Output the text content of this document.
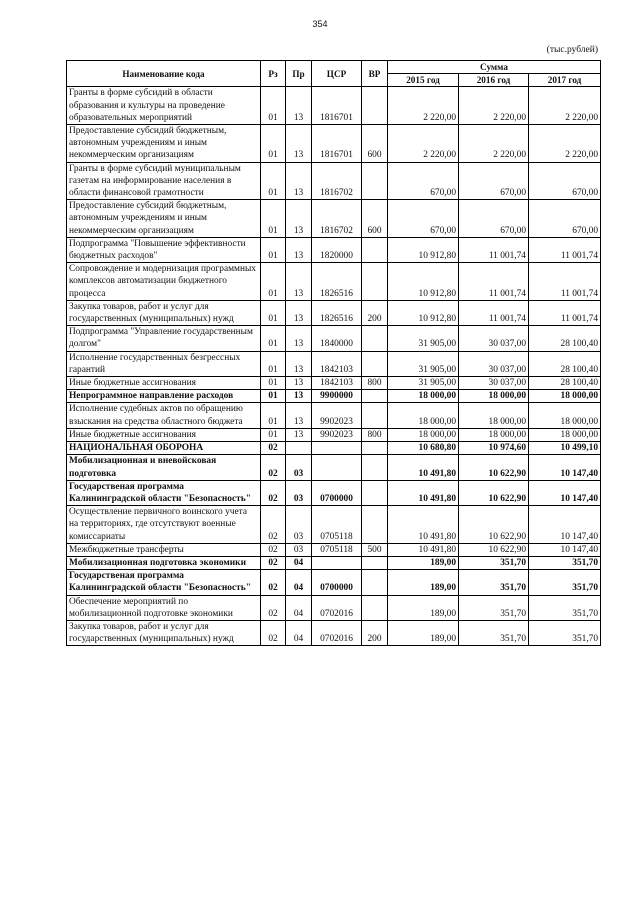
354
(тыс.рублей)
Наименование кода	Рз	Пр	ЦСР	ВР	Сумма		
					2015 год	2016 год	2017 год
Гранты в форме субсидий в области образования и культуры на проведение образовательных мероприятий	01	13	1816701		2 220,00	2 220,00	2 220,00
Предоставление субсидий бюджетным, автономным учреждениям и иным некоммерческим организациям	01	13	1816701	600	2 220,00	2 220,00	2 220,00
Гранты в форме субсидий муниципальным газетам на информирование населения в области финансовой грамотности	01	13	1816702		670,00	670,00	670,00
Предоставление субсидий бюджетным, автономным учреждениям и иным некоммерческим организациям	01	13	1816702	600	670,00	670,00	670,00
Подпрограмма "Повышение эффективности бюджетных расходов"	01	13	1820000		10 912,80	11 001,74	11 001,74
Сопровождение и модернизация программных комплексов автоматизации бюджетного процесса	01	13	1826516		10 912,80	11 001,74	11 001,74
Закупка товаров, работ и услуг для государственных (муниципальных) нужд	01	13	1826516	200	10 912,80	11 001,74	11 001,74
Подпрограмма "Управление государственным долгом"	01	13	1840000		31 905,00	30 037,00	28 100,40
Исполнение государственных безгрессных гарантий	01	13	1842103		31 905,00	30 037,00	28 100,40
Иные бюджетные ассигнования	01	13	1842103	800	31 905,00	30 037,00	28 100,40
Непрограммное направление расходов	01	13	9900000		18 000,00	18 000,00	18 000,00
Исполнение судебных актов по обращению взыскания на средства областного бюджета	01	13	9902023		18 000,00	18 000,00	18 000,00
Иные бюджетные ассигнования	01	13	9902023	800	18 000,00	18 000,00	18 000,00
НАЦИОНАЛЬНАЯ ОБОРОНА	02				10 680,80	10 974,60	10 499,10
Мобилизационная и вневойсковая подготовка	02	03			10 491,80	10 622,90	10 147,40
Государственая программа Калининградской области "Безопасность"	02	03	0700000		10 491,80	10 622,90	10 147,40
Осуществление первичного воинского учета на территориях, где отсутствуют военные комиссариаты	02	03	0705118		10 491,80	10 622,90	10 147,40
Межбюджетные трансферты	02	03	0705118	500	10 491,80	10 622,90	10 147,40
Мобилизационная подготовка экономики	02	04			189,00	351,70	351,70
Государственая программа Калининградской области "Безопасность"	02	04	0700000		189,00	351,70	351,70
Обеспечение мероприятий по мобилизационной подготовке экономики	02	04	0702016		189,00	351,70	351,70
Закупка товаров, работ и услуг для государственных (муниципальных) нужд	02	04	0702016	200	189,00	351,70	351,70
